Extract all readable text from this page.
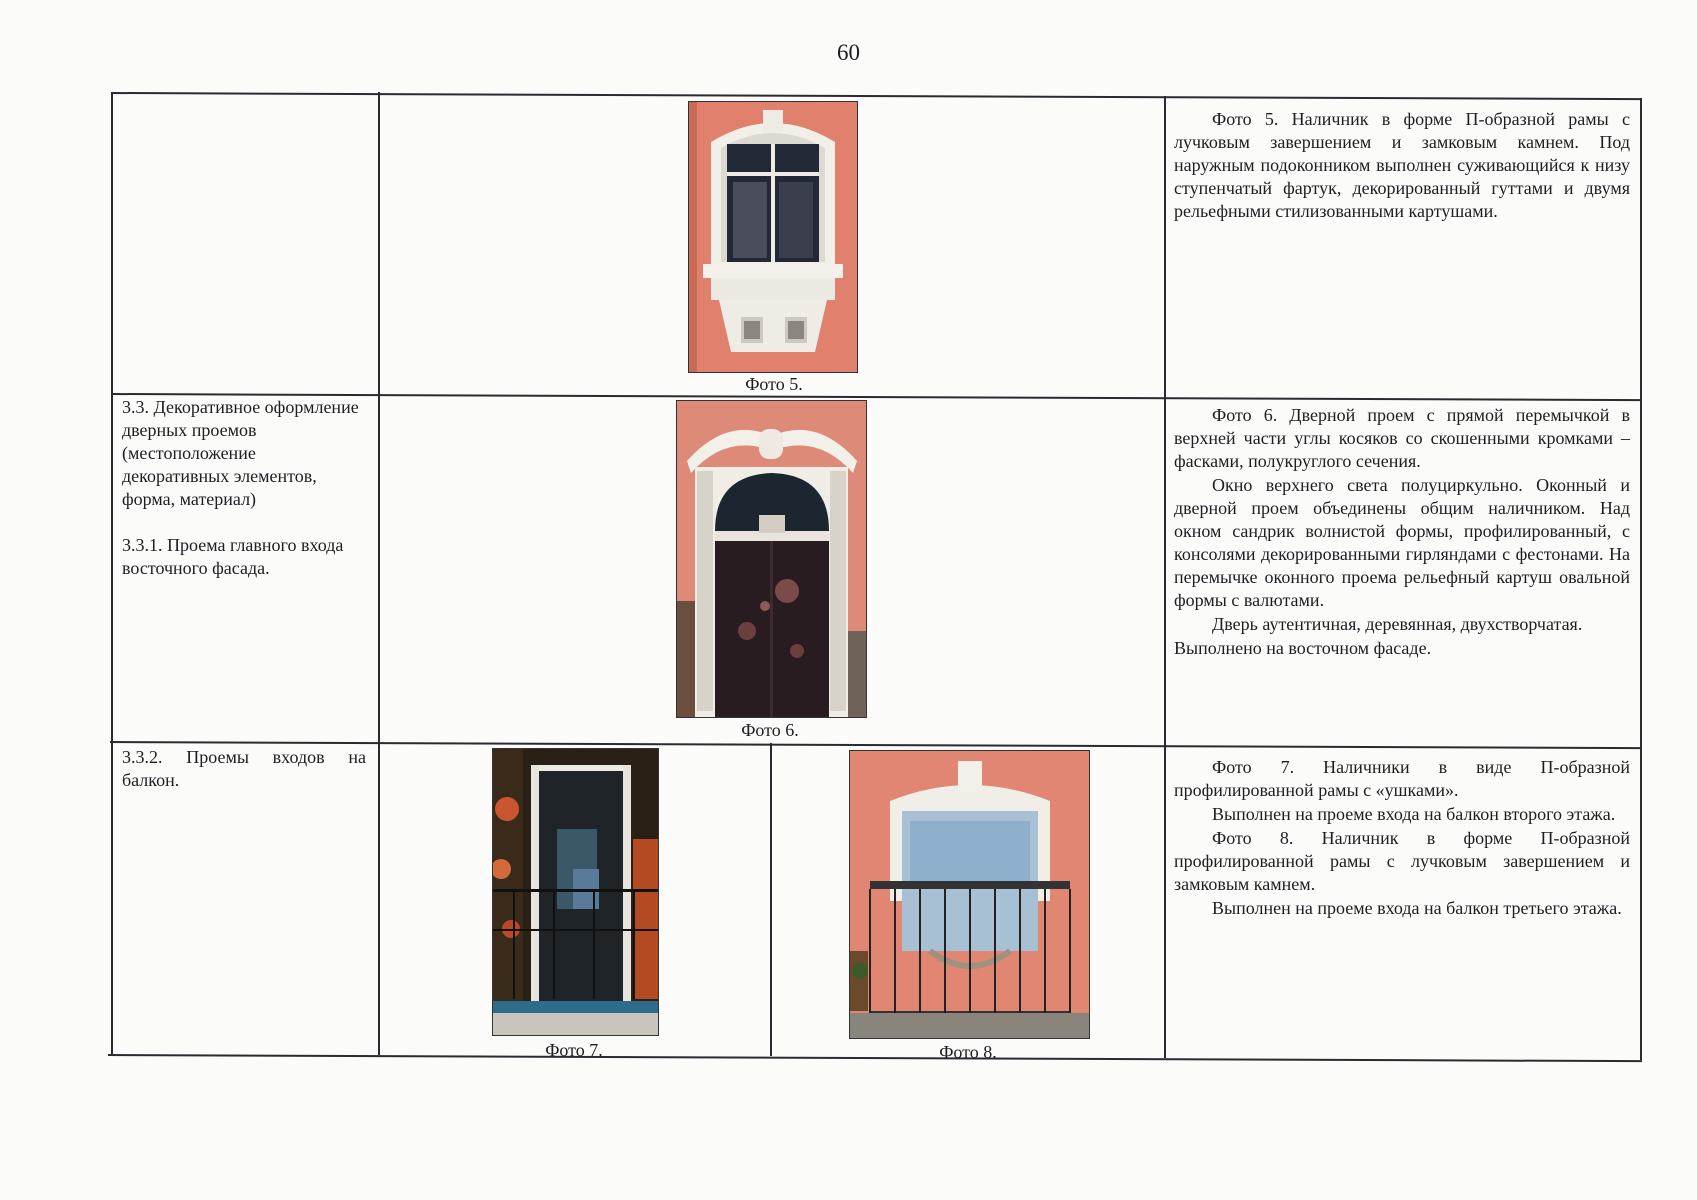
60
Фото 5.

Фото 5. Наличник в форме П-образной рамы с лучковым завершением и замковым камнем. Под наружным подоконником выполнен суживающийся к низу ступенчатый фартук, декорированный гуттами и двумя рельефными стилизованными картушами.

3.3. Декоративное оформление дверных проемов (местоположение декоративных элементов, форма, материал)

3.3.1. Проема главного входа восточного фасада.

Фото 6.

Фото 6. Дверной проем с прямой перемычкой в верхней части углы косяков со скошенными кромками – фасками, полукруглого сечения.

Окно верхнего света полуциркульно. Оконный и дверной проем объединены общим наличником. Над окном сандрик волнистой формы, профилированный, с консолями декорированными гирляндами с фестонами. На перемычке оконного проема рельефный картуш овальной формы с валютами.

Дверь аутентичная, деревянная, двухстворчатая.

Выполнено на восточном фасаде.

3.3.2. Проемы входов на балкон.

Фото 7.	Фото 8.

Фото 7. Наличники в виде П-образной профилированной рамы с «ушками».

Выполнен на проеме входа на балкон второго этажа.

Фото 8. Наличник в форме П-образной профилированной рамы с лучковым завершением и замковым камнем.

Выполнен на проеме входа на балкон третьего этажа.
